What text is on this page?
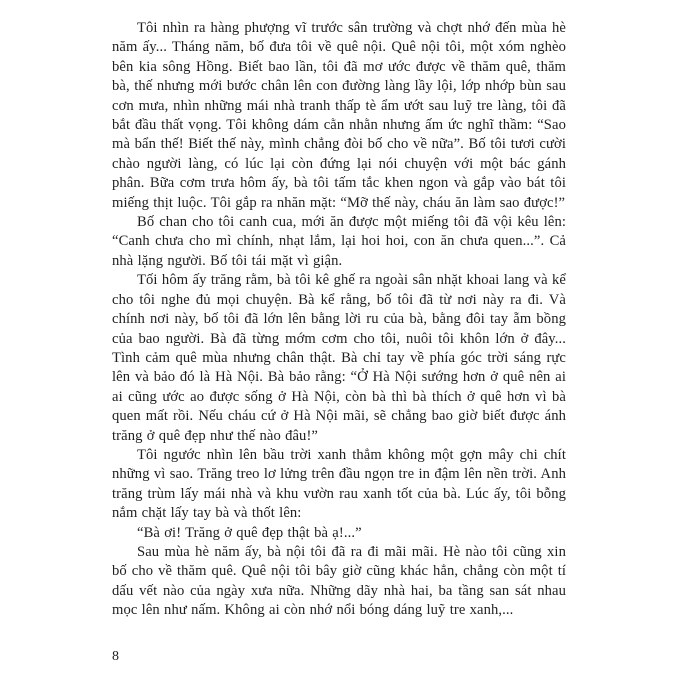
Tôi nhìn ra hàng phượng vĩ trước sân trường và chợt nhớ đến mùa hè năm ấy... Tháng năm, bố đưa tôi về quê nội. Quê nội tôi, một xóm nghèo bên kia sông Hồng. Biết bao lần, tôi đã mơ ước được về thăm quê, thăm bà, thế nhưng mới bước chân lên con đường làng lầy lội, lớp nhớp bùn sau cơn mưa, nhìn những mái nhà tranh thấp tè ẩm ướt sau luỹ tre làng, tôi đã bắt đầu thất vọng. Tôi không dám cằn nhằn nhưng ấm ức nghĩ thầm: “Sao mà bẩn thế! Biết thế này, mình chẳng đòi bố cho về nữa”. Bố tôi tươi cười chào người làng, có lúc lại còn đứng lại nói chuyện với một bác gánh phân. Bữa cơm trưa hôm ấy, bà tôi tấm tắc khen ngon và gắp vào bát tôi miếng thịt luộc. Tôi gắp ra nhăn mặt: “Mỡ thế này, cháu ăn làm sao được!”

Bố chan cho tôi canh cua, mới ăn được một miếng tôi đã vội kêu lên: “Canh chưa cho mì chính, nhạt lắm, lại hoi hoi, con ăn chưa quen...”. Cả nhà lặng người. Bố tôi tái mặt vì giận.

Tối hôm ấy trăng rằm, bà tôi kê ghế ra ngoài sân nhặt khoai lang và kể cho tôi nghe đủ mọi chuyện. Bà kể rằng, bố tôi đã từ nơi này ra đi. Và chính nơi này, bố tôi đã lớn lên bằng lời ru của bà, bằng đôi tay ẵm bồng của bao người. Bà đã từng mớm cơm cho tôi, nuôi tôi khôn lớn ở đây... Tình cảm quê mùa nhưng chân thật. Bà chỉ tay về phía góc trời sáng rực lên và bảo đó là Hà Nội. Bà bảo rằng: “Ở Hà Nội sướng hơn ở quê nên ai ai cũng ước ao được sống ở Hà Nội, còn bà thì bà thích ở quê hơn vì bà quen mất rồi. Nếu cháu cứ ở Hà Nội mãi, sẽ chẳng bao giờ biết được ánh trăng ở quê đẹp như thế nào đâu!”

Tôi ngước nhìn lên bầu trời xanh thẳm không một gợn mây chi chít những vì sao. Trăng treo lơ lửng trên đầu ngọn tre in đậm lên nền trời. Anh trăng trùm lấy mái nhà và khu vườn rau xanh tốt của bà. Lúc ấy, tôi bỗng nắm chặt lấy tay bà và thốt lên:

“Bà ơi! Trăng ở quê đẹp thật bà ạ!...”

Sau mùa hè năm ấy, bà nội tôi đã ra đi mãi mãi. Hè nào tôi cũng xin bố cho về thăm quê. Quê nội tôi bây giờ cũng khác hẳn, chẳng còn một tí dấu vết nào của ngày xưa nữa. Những dãy nhà hai, ba tầng san sát nhau mọc lên như nấm. Không ai còn nhớ nổi bóng dáng luỹ tre xanh,...

8
